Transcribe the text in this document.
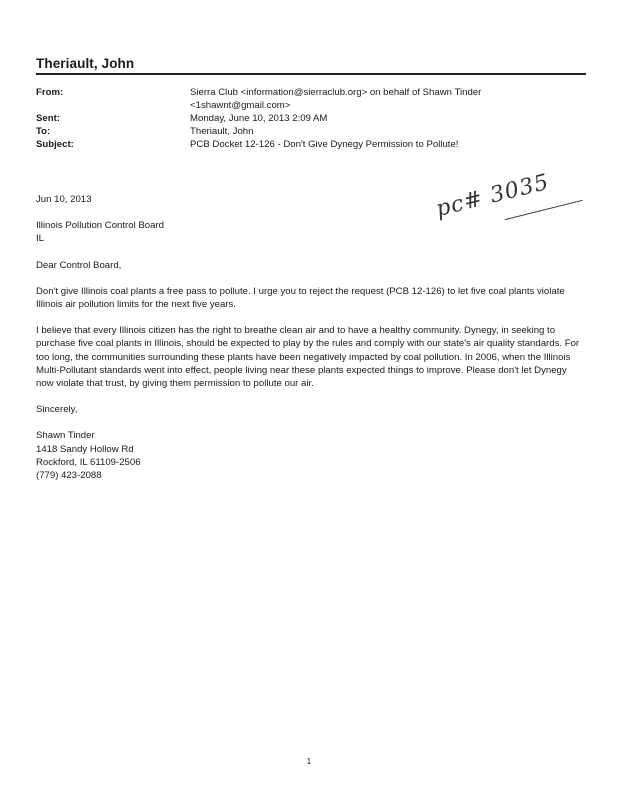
Theriault, John
From:	Sierra Club <information@sierraclub.org> on behalf of Shawn Tinder
<1shawnt@gmail.com>
Sent:	Monday, June 10, 2013 2:09 AM
To:	Theriault, John
Subject:	PCB Docket 12-126 - Don't Give Dynegy Permission to Pollute!
pc# 3035

Jun 10, 2013

Illinois Pollution Control Board

IL

Dear Control Board,

Don't give Illinois coal plants a free pass to pollute. I urge you to reject the request (PCB 12-126) to let five coal plants violate Illinois air pollution limits for the next five years.

I believe that every Illinois citizen has the right to breathe clean air and to have a healthy community. Dynegy, in seeking to purchase five coal plants in Illinois, should be expected to play by the rules and comply with our state's air quality standards. For too long, the communities surrounding these plants have been negatively impacted by coal pollution. In 2006, when the Illinois Multi-Pollutant standards went into effect, people living near these plants expected things to improve. Please don't let Dynegy now violate that trust, by giving them permission to pollute our air.

Sincerely,

Shawn Tinder

1418 Sandy Hollow Rd

Rockford, IL 61109-2506

(779) 423-2088

1
